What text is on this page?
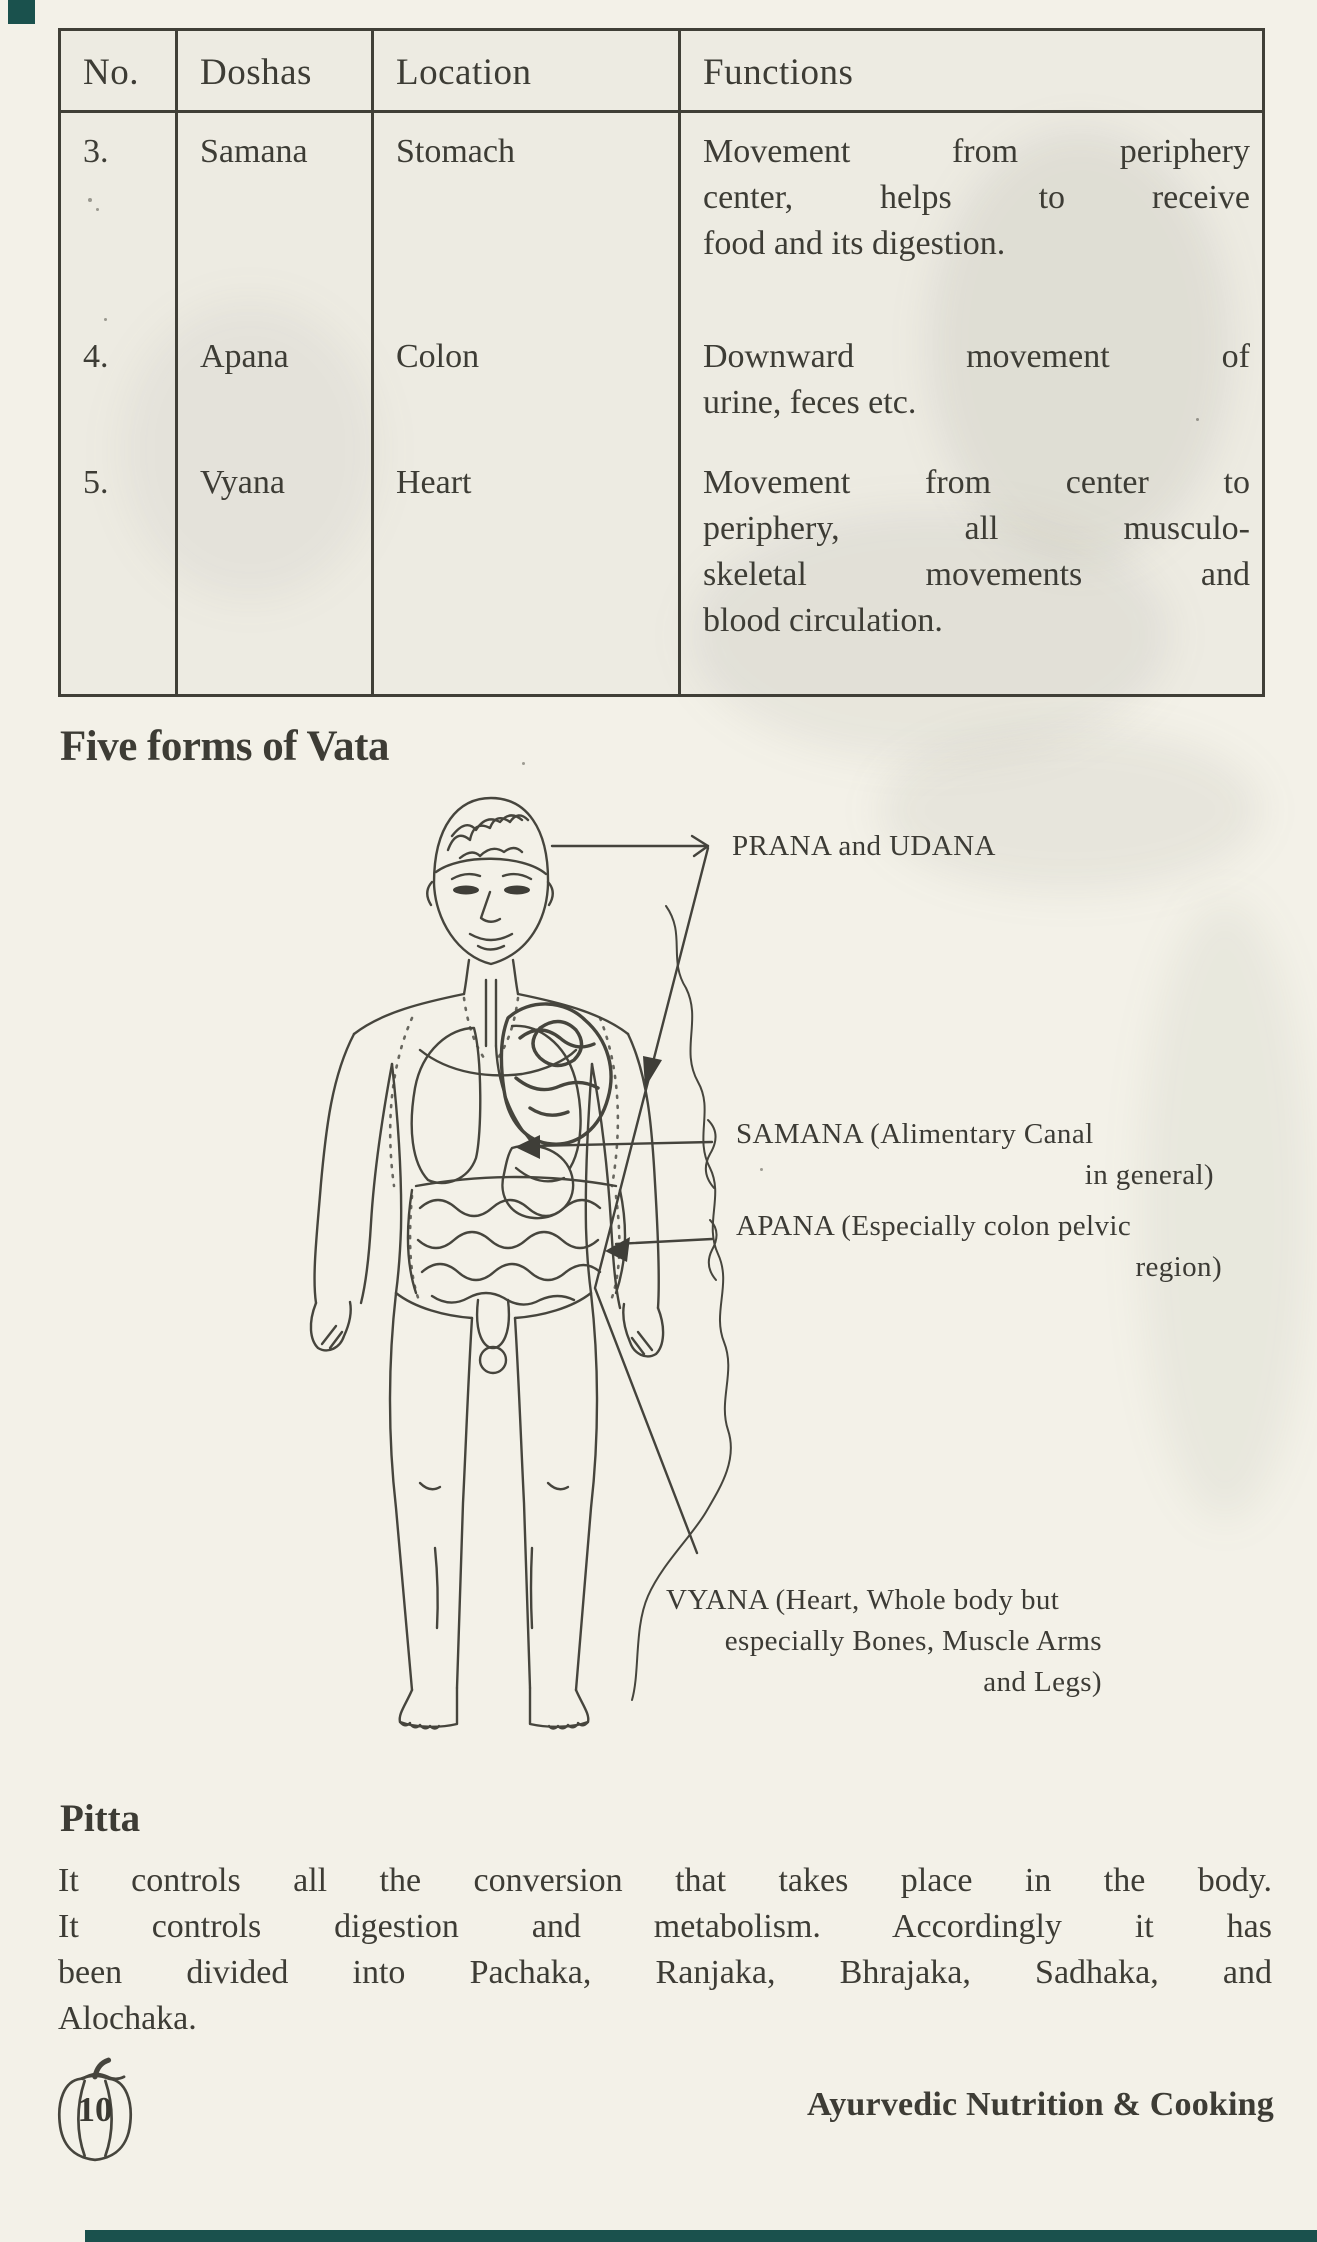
No.	Doshas	Location	Functions
3.	Samana	Stomach	Movement from periphery
center, helps to receive
food and its digestion.

4.	Apana	Colon	Downward movement of
urine, feces etc.

5.	Vyana	Heart	Movement from center to
periphery, all musculo-
skeletal movements and
blood circulation.
Five forms of Vata
PRANA and UDANA
SAMANA (Alimentary Canal
in general)
APANA (Especially colon pelvic
region)
VYANA (Heart, Whole body but
especially Bones, Muscle Arms
and Legs)
Pitta
It controls all the conversion that takes place in the body.
It controls digestion and metabolism. Accordingly it has
been divided into Pachaka, Ranjaka, Bhrajaka, Sadhaka, and
Alochaka.
10	Ayurvedic Nutrition & Cooking
